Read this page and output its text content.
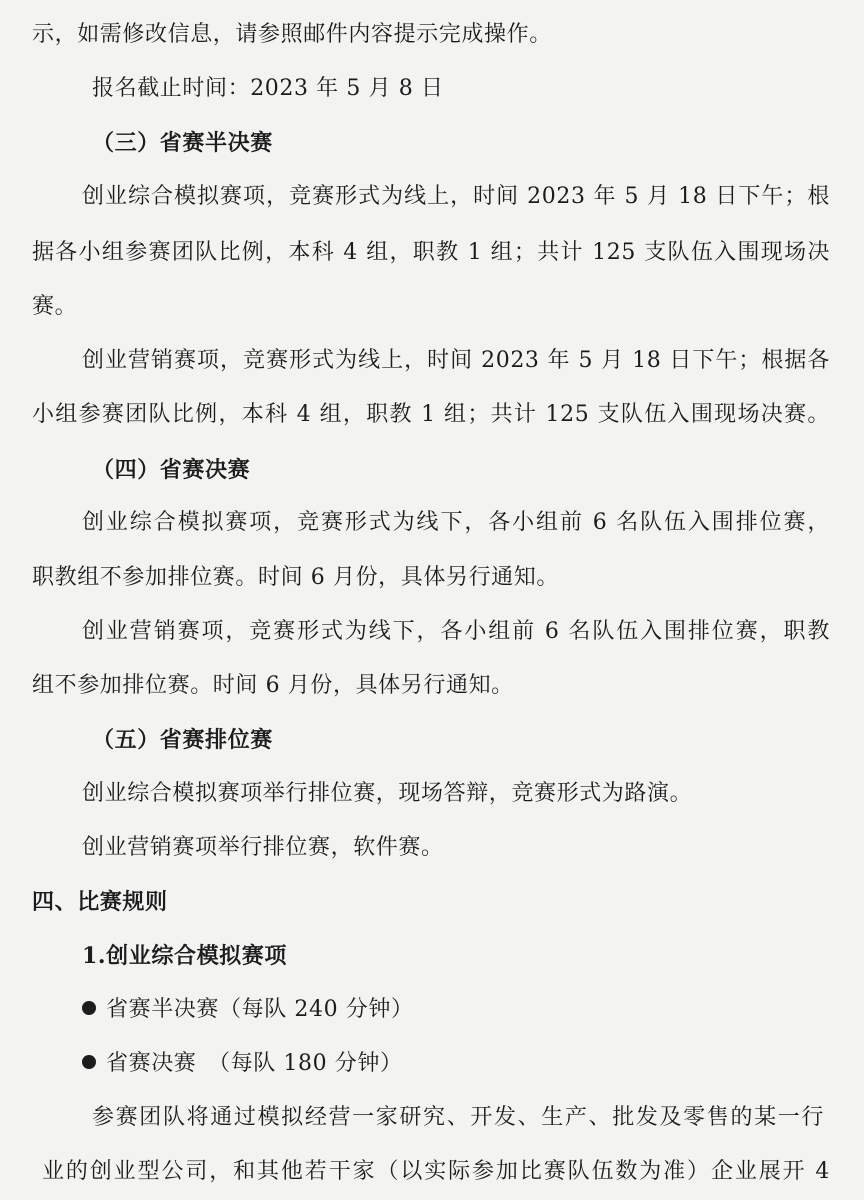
示，如需修改信息，请参照邮件内容提示完成操作。
报名截止时间：2023 年 5 月 8 日
（三）省赛半决赛
创业综合模拟赛项，竞赛形式为线上，时间 2023 年 5 月 18 日下午；根
据各小组参赛团队比例，本科 4 组，职教 1 组；共计 125 支队伍入围现场决
赛。
创业营销赛项，竞赛形式为线上，时间 2023 年 5 月 18 日下午；根据各
小组参赛团队比例，本科 4 组，职教 1 组；共计 125 支队伍入围现场决赛。
（四）省赛决赛
创业综合模拟赛项，竞赛形式为线下，各小组前 6 名队伍入围排位赛，
职教组不参加排位赛。时间 6 月份，具体另行通知。
创业营销赛项，竞赛形式为线下，各小组前 6 名队伍入围排位赛，职教
组不参加排位赛。时间 6 月份，具体另行通知。
（五）省赛排位赛
创业综合模拟赛项举行排位赛，现场答辩，竞赛形式为路演。
创业营销赛项举行排位赛，软件赛。
四、比赛规则
1.创业综合模拟赛项
省赛半决赛（每队 240 分钟）
省赛决赛　（每队 180 分钟）
参赛团队将通过模拟经营一家研究、开发、生产、批发及零售的某一行
业的创业型公司，和其他若干家（以实际参加比赛队伍数为准）企业展开 4
